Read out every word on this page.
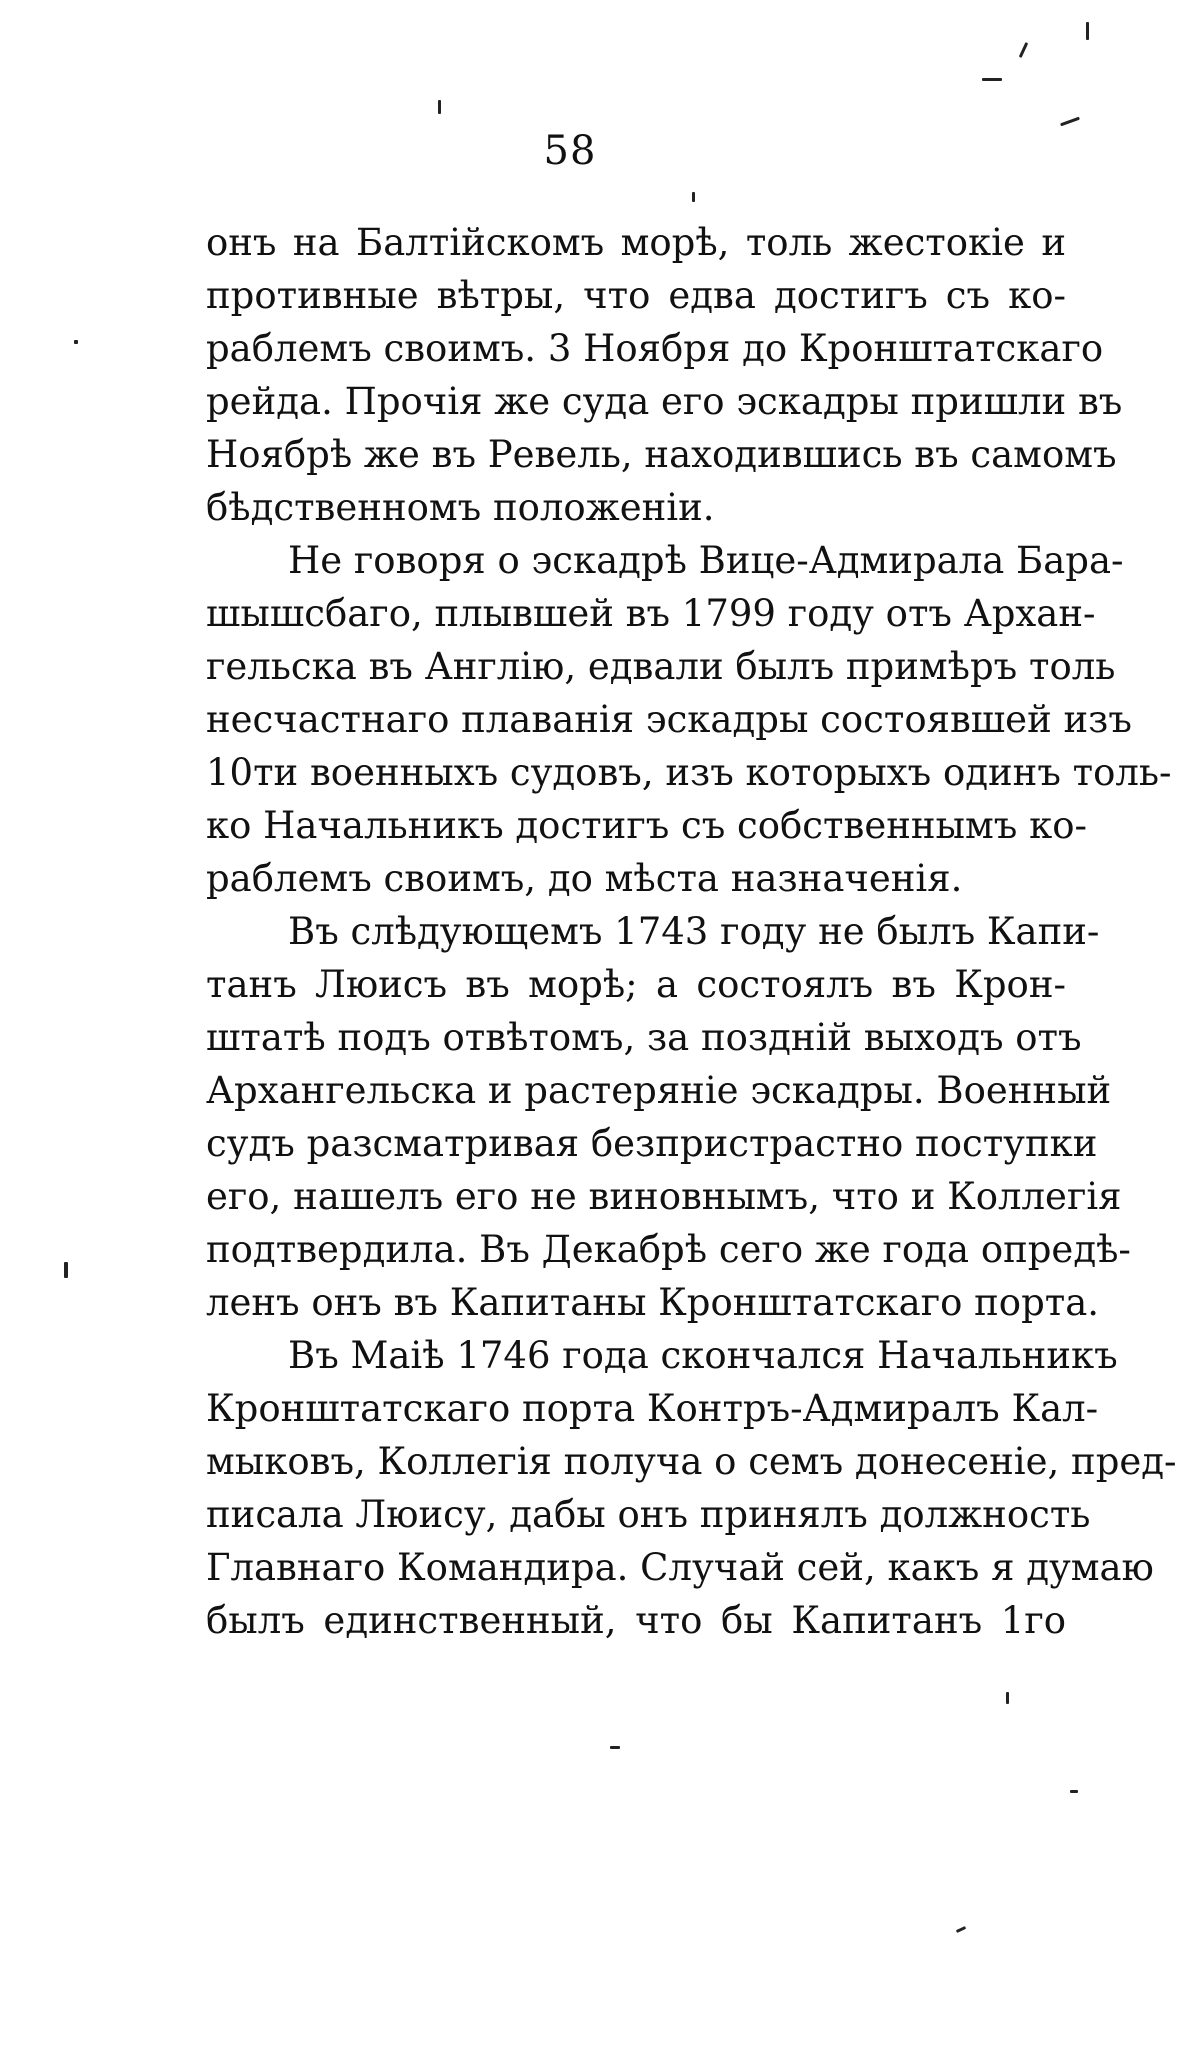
58
онъ на Балтійскомъ морѣ, толь жестокіе и
противные вѣтры, что едва достигъ съ ко-
раблемъ своимъ. 3 Ноября до Кронштатскаго
рейда. Прочія же суда его эскадры пришли въ
Ноябрѣ же въ Ревель, находившись въ самомъ
бѣдственномъ положеніи.
Не говоря о эскадрѣ Вице-Адмирала Бара-
шышсбаго, плывшей въ 1799 году отъ Архан-
гельска въ Англію, едвали былъ примѣръ толь
несчастнаго плаванія эскадры состоявшей изъ
10ти военныхъ судовъ, изъ которыхъ одинъ толь-
ко Начальникъ достигъ съ собственнымъ ко-
раблемъ своимъ, до мѣста назначенія.
Въ слѣдующемъ 1743 году не былъ Капи-
танъ Люисъ въ морѣ; а состоялъ въ Крон-
штатѣ подъ отвѣтомъ, за поздній выходъ отъ
Архангельска и растеряніе эскадры. Военный
судъ разсматривая безпристрастно поступки
его, нашелъ его не виновнымъ, что и Коллегія
подтвердила. Въ Декабрѣ сего же года опредѣ-
ленъ онъ въ Капитаны Кронштатскаго порта.
Въ Маіѣ 1746 года скончался Начальникъ
Кронштатскаго порта Контръ-Адмиралъ Кал-
мыковъ, Коллегія получа о семъ донесеніе, пред-
писала Люису, дабы онъ принялъ должность
Главнаго Командира. Случай сей, какъ я думаю
былъ единственный, что бы Капитанъ 1го
